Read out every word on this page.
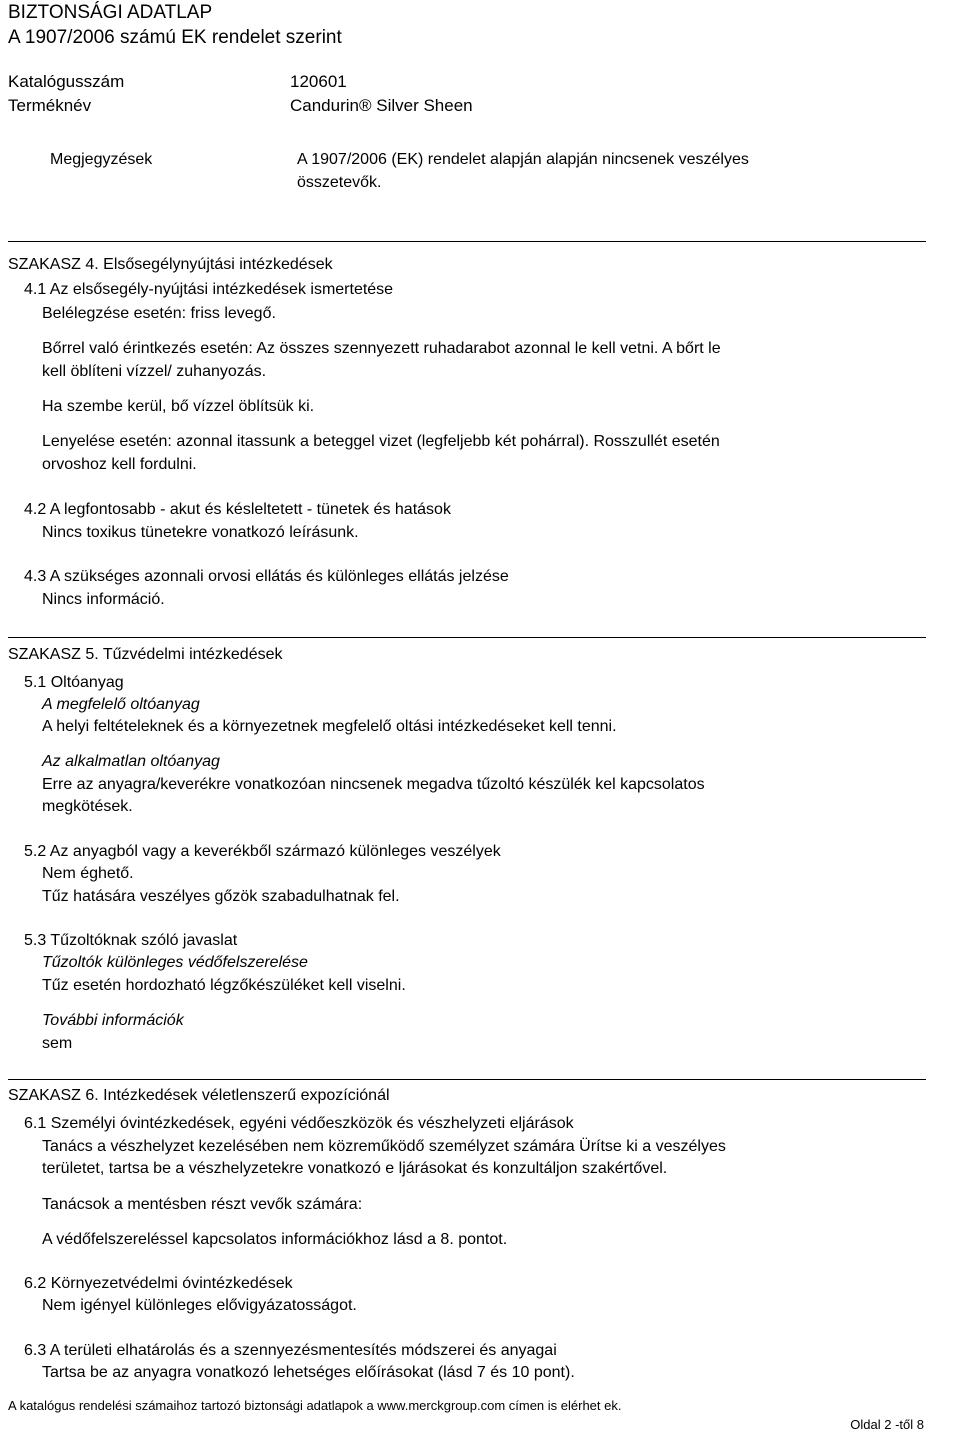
BIZTONSÁGI ADATLAP
A 1907/2006 számú EK rendelet szerint
Katalógusszám	120601
Terméknév	Candurin® Silver Sheen
Megjegyzések	A 1907/2006 (EK) rendelet alapján alapján nincsenek veszélyes
összetevők.
SZAKASZ 4. Elsősegélynyújtási intézkedések
4.1 Az elsősegély-nyújtási intézkedések ismertetése
Belélegzése esetén: friss levegő.
Bőrrel való érintkezés esetén: Az összes szennyezett ruhadarabot azonnal le kell vetni. A bőrt le
kell öblíteni vízzel/ zuhanyozás.
Ha szembe kerül, bő vízzel öblítsük ki.
Lenyelése esetén: azonnal itassunk a beteggel vizet (legfeljebb két pohárral). Rosszullét esetén
orvoshoz kell fordulni.
4.2 A legfontosabb - akut és késleltetett - tünetek és hatások
Nincs toxikus tünetekre vonatkozó leírásunk.
4.3 A szükséges azonnali orvosi ellátás és különleges ellátás jelzése
Nincs információ.
SZAKASZ 5. Tűzvédelmi intézkedések
5.1 Oltóanyag
A megfelelő oltóanyag
A helyi feltételeknek és a környezetnek megfelelő oltási intézkedéseket kell tenni.
Az alkalmatlan oltóanyag
Erre az anyagra/keverékre vonatkozóan nincsenek megadva tűzoltó készülék kel kapcsolatos
megkötések.
5.2 Az anyagból vagy a keverékből származó különleges veszélyek
Nem éghető.
Tűz hatására veszélyes gőzök szabadulhatnak fel.
5.3 Tűzoltóknak szóló javaslat
Tűzoltók különleges védőfelszerelése
Tűz esetén hordozható légzőkészüléket kell viselni.
További információk
sem
SZAKASZ 6. Intézkedések véletlenszerű expozíciónál
6.1 Személyi óvintézkedések, egyéni védőeszközök és vészhelyzeti eljárások
Tanács a vészhelyzet kezelésében nem közreműködő személyzet számára Ürítse ki a veszélyes
területet, tartsa be a vészhelyzetekre vonatkozó e ljárásokat és konzultáljon szakértővel.
Tanácsok a mentésben részt vevők számára:
A védőfelszereléssel kapcsolatos információkhoz lásd a 8. pontot.
6.2 Környezetvédelmi óvintézkedések
Nem igényel különleges elővigyázatosságot.
6.3 A területi elhatárolás és a szennyezésmentesítés módszerei és anyagai
Tartsa be az anyagra vonatkozó lehetséges előírásokat (lásd 7 és 10 pont).
A katalógus rendelési számaihoz tartozó biztonsági adatlapok a www.merckgroup.com címen is elérhet ek.
Oldal 2 -től 8
